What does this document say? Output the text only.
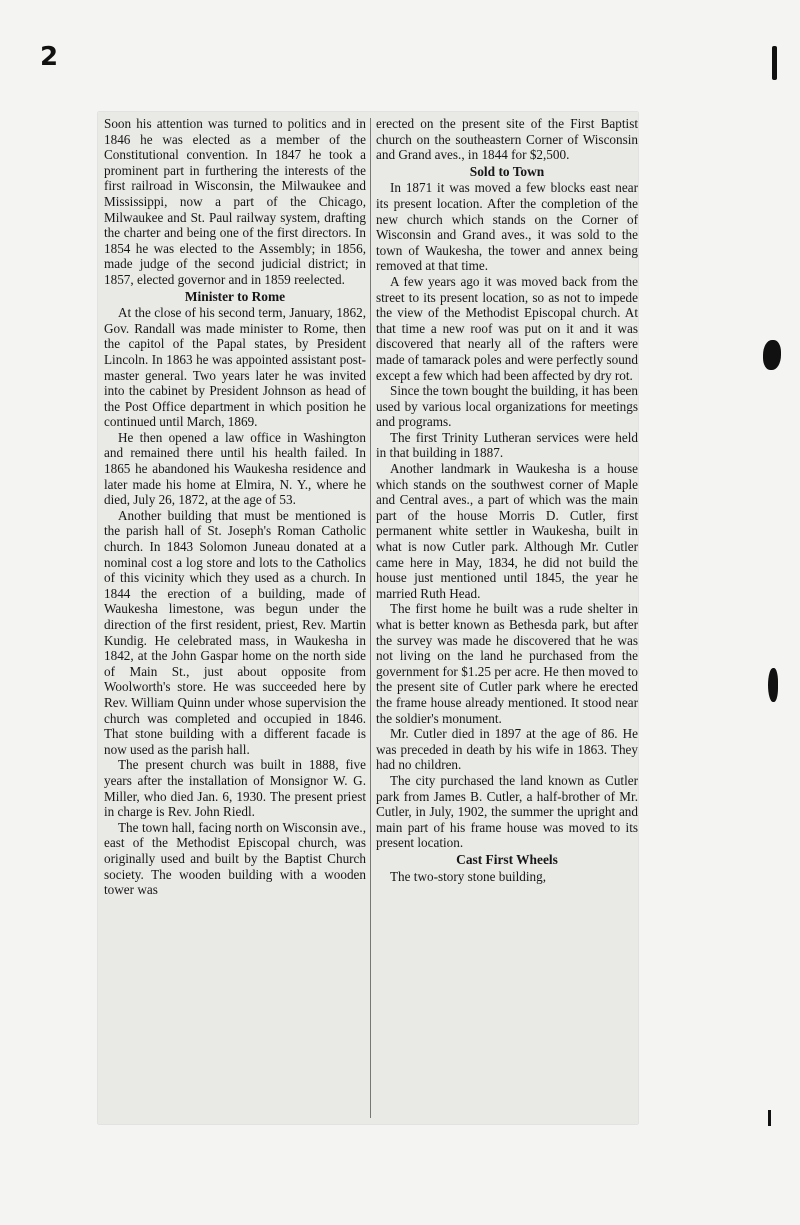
2

Soon his attention was turned to politics and in 1846 he was elected as a member of the Constitutional convention. In 1847 he took a prominent part in furthering the interests of the first railroad in Wisconsin, the Milwaukee and Mississippi, now a part of the Chicago, Milwaukee and St. Paul railway system, drafting the charter and being one of the first directors. In 1854 he was elected to the Assembly; in 1856, made judge of the second judicial district; in 1857, elected governor and in 1859 reelected.

Minister to Rome

At the close of his second term, January, 1862, Gov. Randall was made minister to Rome, then the capitol of the Papal states, by President Lincoln. In 1863 he was appointed assistant post-master general. Two years later he was invited into the cabinet by President Johnson as head of the Post Office department in which position he continued until March, 1869.

He then opened a law office in Washington and remained there until his health failed. In 1865 he abandoned his Waukesha residence and later made his home at Elmira, N. Y., where he died, July 26, 1872, at the age of 53.

Another building that must be mentioned is the parish hall of St. Joseph's Roman Catholic church. In 1843 Solomon Juneau donated at a nominal cost a log store and lots to the Catholics of this vicinity which they used as a church. In 1844 the erection of a building, made of Waukesha limestone, was begun under the direction of the first resident, priest, Rev. Martin Kundig. He celebrated mass, in Waukesha in 1842, at the John Gaspar home on the north side of Main St., just about opposite from Woolworth's store. He was succeeded here by Rev. William Quinn under whose supervision the church was completed and occupied in 1846. That stone building with a different facade is now used as the parish hall.

The present church was built in 1888, five years after the installation of Monsignor W. G. Miller, who died Jan. 6, 1930. The present priest in charge is Rev. John Riedl.

The town hall, facing north on Wisconsin ave., east of the Methodist Episcopal church, was originally used and built by the Baptist Church society. The wooden building with a wooden tower was

erected on the present site of the First Baptist church on the southeastern Corner of Wisconsin and Grand aves., in 1844 for $2,500.

Sold to Town

In 1871 it was moved a few blocks east near its present location. After the completion of the new church which stands on the Corner of Wisconsin and Grand aves., it was sold to the town of Waukesha, the tower and annex being removed at that time.

A few years ago it was moved back from the street to its present location, so as not to impede the view of the Methodist Episcopal church. At that time a new roof was put on it and it was discovered that nearly all of the rafters were made of tamarack poles and were perfectly sound except a few which had been affected by dry rot.

Since the town bought the building, it has been used by various local organizations for meetings and programs.

The first Trinity Lutheran services were held in that building in 1887.

Another landmark in Waukesha is a house which stands on the southwest corner of Maple and Central aves., a part of which was the main part of the house Morris D. Cutler, first permanent white settler in Waukesha, built in what is now Cutler park. Although Mr. Cutler came here in May, 1834, he did not build the house just mentioned until 1845, the year he married Ruth Head.

The first home he built was a rude shelter in what is better known as Bethesda park, but after the survey was made he discovered that he was not living on the land he purchased from the government for $1.25 per acre. He then moved to the present site of Cutler park where he erected the frame house already mentioned. It stood near the soldier's monument.

Mr. Cutler died in 1897 at the age of 86. He was preceded in death by his wife in 1863. They had no children.

The city purchased the land known as Cutler park from James B. Cutler, a half-brother of Mr. Cutler, in July, 1902, the summer the upright and main part of his frame house was moved to its present location.

Cast First Wheels

The two-story stone building,
